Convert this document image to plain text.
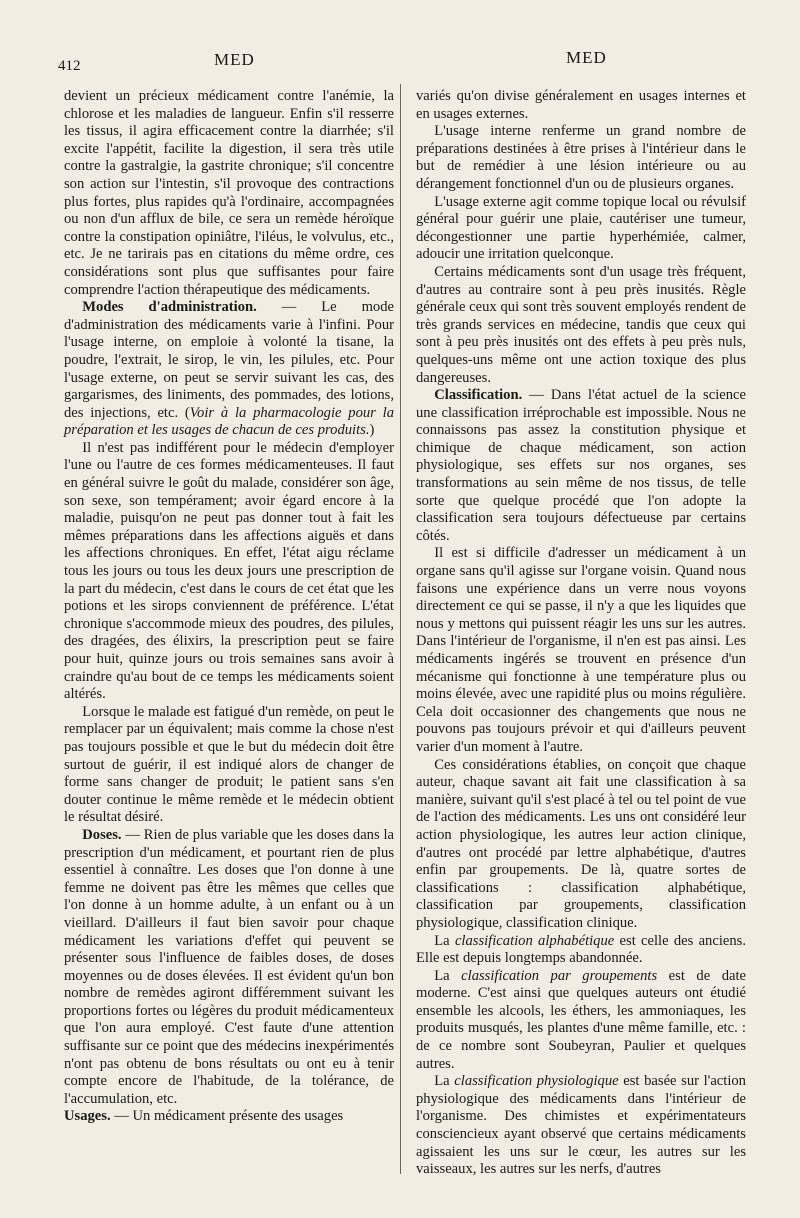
412	MED	MED

devient un précieux médicament contre l'anémie, la chlorose et les maladies de langueur. Enfin s'il resserre les tissus, il agira efficacement contre la diarrhée; s'il excite l'appétit, facilite la digestion, il sera très utile contre la gastralgie, la gastrite chronique; s'il concentre son action sur l'intestin, s'il provoque des contractions plus fortes, plus rapides qu'à l'ordinaire, accompagnées ou non d'un afflux de bile, ce sera un remède héroïque contre la constipation opiniâtre, l'iléus, le volvulus, etc., etc. Je ne tarirais pas en citations du même ordre, ces considérations sont plus que suffisantes pour faire comprendre l'action thérapeutique des médicaments.

Modes d'administration. — Le mode d'administration des médicaments varie à l'infini. Pour l'usage interne, on emploie à volonté la tisane, la poudre, l'extrait, le sirop, le vin, les pilules, etc. Pour l'usage externe, on peut se servir suivant les cas, des gargarismes, des liniments, des pommades, des lotions, des injections, etc. (Voir à la pharmacologie pour la préparation et les usages de chacun de ces produits.)

Il n'est pas indifférent pour le médecin d'employer l'une ou l'autre de ces formes médicamenteuses. Il faut en général suivre le goût du malade, considérer son âge, son sexe, son tempérament; avoir égard encore à la maladie, puisqu'on ne peut pas donner tout à fait les mêmes préparations dans les affections aiguës et dans les affections chroniques. En effet, l'état aigu réclame tous les jours ou tous les deux jours une prescription de la part du médecin, c'est dans le cours de cet état que les potions et les sirops conviennent de préférence. L'état chronique s'accommode mieux des poudres, des pilules, des dragées, des élixirs, la prescription peut se faire pour huit, quinze jours ou trois semaines sans avoir à craindre qu'au bout de ce temps les médicaments soient altérés.

Lorsque le malade est fatigué d'un remède, on peut le remplacer par un équivalent; mais comme la chose n'est pas toujours possible et que le but du médecin doit être surtout de guérir, il est indiqué alors de changer de forme sans changer de produit; le patient sans s'en douter continue le même remède et le médecin obtient le résultat désiré.

Doses. — Rien de plus variable que les doses dans la prescription d'un médicament, et pourtant rien de plus essentiel à connaître. Les doses que l'on donne à une femme ne doivent pas être les mêmes que celles que l'on donne à un homme adulte, à un enfant ou à un vieillard. D'ailleurs il faut bien savoir pour chaque médicament les variations d'effet qui peuvent se présenter sous l'influence de faibles doses, de doses moyennes ou de doses élevées. Il est évident qu'un bon nombre de remèdes agiront différemment suivant les proportions fortes ou légères du produit médicamenteux que l'on aura employé. C'est faute d'une attention suffisante sur ce point que des médecins inexpérimentés n'ont pas obtenu de bons résultats ou ont eu à tenir compte encore de l'habitude, de la tolérance, de l'accumulation, etc.

Usages. — Un médicament présente des usages

variés qu'on divise généralement en usages internes et en usages externes.

L'usage interne renferme un grand nombre de préparations destinées à être prises à l'intérieur dans le but de remédier à une lésion intérieure ou au dérangement fonctionnel d'un ou de plusieurs organes.

L'usage externe agit comme topique local ou révulsif général pour guérir une plaie, cautériser une tumeur, décongestionner une partie hyperhémiée, calmer, adoucir une irritation quelconque.

Certains médicaments sont d'un usage très fréquent, d'autres au contraire sont à peu près inusités. Règle générale ceux qui sont très souvent employés rendent de très grands services en médecine, tandis que ceux qui sont à peu près inusités ont des effets à peu près nuls, quelques-uns même ont une action toxique des plus dangereuses.

Classification. — Dans l'état actuel de la science une classification irréprochable est impossible. Nous ne connaissons pas assez la constitution physique et chimique de chaque médicament, son action physiologique, ses effets sur nos organes, ses transformations au sein même de nos tissus, de telle sorte que quelque procédé que l'on adopte la classification sera toujours défectueuse par certains côtés.

Il est si difficile d'adresser un médicament à un organe sans qu'il agisse sur l'organe voisin. Quand nous faisons une expérience dans un verre nous voyons directement ce qui se passe, il n'y a que les liquides que nous y mettons qui puissent réagir les uns sur les autres. Dans l'intérieur de l'organisme, il n'en est pas ainsi. Les médicaments ingérés se trouvent en présence d'un mécanisme qui fonctionne à une température plus ou moins élevée, avec une rapidité plus ou moins régulière. Cela doit occasionner des changements que nous ne pouvons pas toujours prévoir et qui d'ailleurs peuvent varier d'un moment à l'autre.

Ces considérations établies, on conçoit que chaque auteur, chaque savant ait fait une classification à sa manière, suivant qu'il s'est placé à tel ou tel point de vue de l'action des médicaments. Les uns ont considéré leur action physiologique, les autres leur action clinique, d'autres ont procédé par lettre alphabétique, d'autres enfin par groupements. De là, quatre sortes de classifications : classification alphabétique, classification par groupements, classification physiologique, classification clinique.

La classification alphabétique est celle des anciens. Elle est depuis longtemps abandonnée.

La classification par groupements est de date moderne. C'est ainsi que quelques auteurs ont étudié ensemble les alcools, les éthers, les ammoniaques, les produits musqués, les plantes d'une même famille, etc. : de ce nombre sont Soubeyran, Paulier et quelques autres.

La classification physiologique est basée sur l'action physiologique des médicaments dans l'intérieur de l'organisme. Des chimistes et expérimentateurs consciencieux ayant observé que certains médicaments agissaient les uns sur le cœur, les autres sur les vaisseaux, les autres sur les nerfs, d'autres
